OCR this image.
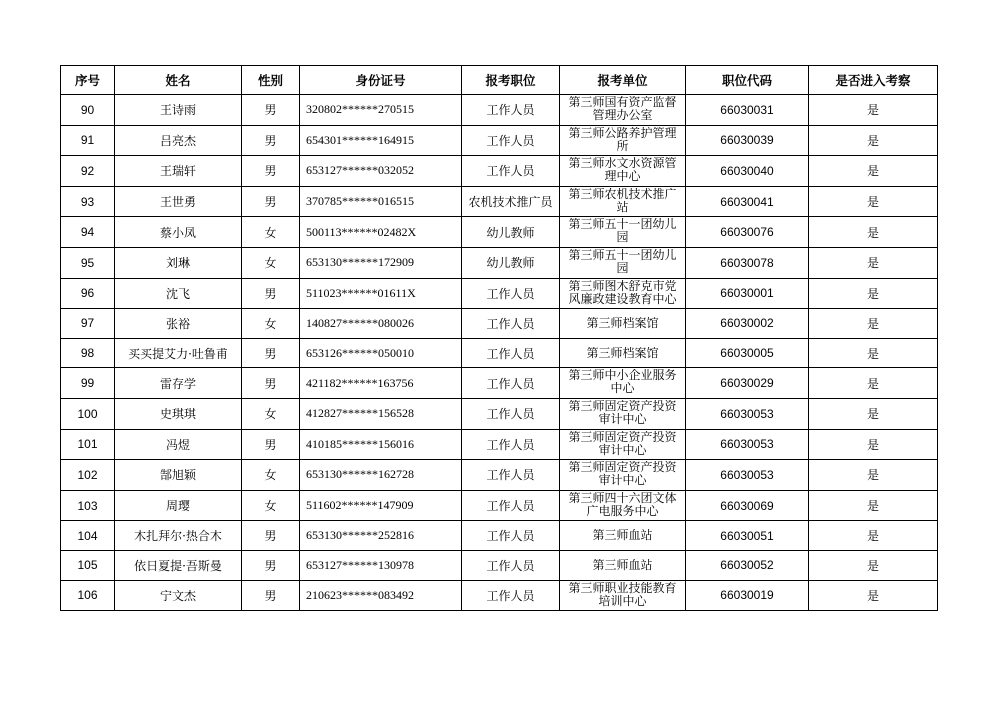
序号	姓名	性别	身份证号	报考职位	报考单位	职位代码	是否进入考察
90	王诗雨	男	320802******270515	工作人员	第三师国有资产监督管理办公室	66030031	是
91	吕亮杰	男	654301******164915	工作人员	第三师公路养护管理所	66030039	是
92	王瑞轩	男	653127******032052	工作人员	第三师水文水资源管理中心	66030040	是
93	王世勇	男	370785******016515	农机技术推广员	第三师农机技术推广站	66030041	是
94	蔡小凤	女	500113******02482X	幼儿教师	第三师五十一团幼儿园	66030076	是
95	刘琳	女	653130******172909	幼儿教师	第三师五十一团幼儿园	66030078	是
96	沈飞	男	511023******01611X	工作人员	第三师图木舒克市党风廉政建设教育中心	66030001	是
97	张裕	女	140827******080026	工作人员	第三师档案馆	66030002	是
98	买买提艾力·吐鲁甫	男	653126******050010	工作人员	第三师档案馆	66030005	是
99	雷存学	男	421182******163756	工作人员	第三师中小企业服务中心	66030029	是
100	史琪琪	女	412827******156528	工作人员	第三师固定资产投资审计中心	66030053	是
101	冯煜	男	410185******156016	工作人员	第三师固定资产投资审计中心	66030053	是
102	郜旭颖	女	653130******162728	工作人员	第三师固定资产投资审计中心	66030053	是
103	周璎	女	511602******147909	工作人员	第三师四十六团文体广电服务中心	66030069	是
104	木扎拜尔·热合木	男	653130******252816	工作人员	第三师血站	66030051	是
105	依日夏提·吾斯曼	男	653127******130978	工作人员	第三师血站	66030052	是
106	宁文杰	男	210623******083492	工作人员	第三师职业技能教育培训中心	66030019	是
